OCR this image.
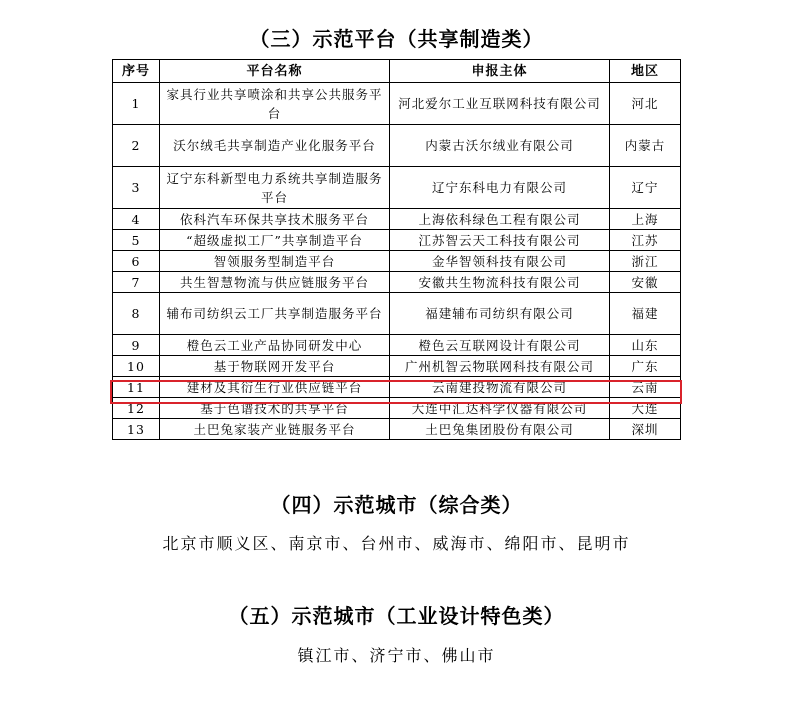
（三）示范平台（共享制造类）
序号	平台名称	申报主体	地区
1	家具行业共享喷涂和共享公共服务平台	河北爱尔工业互联网科技有限公司	河北
2	沃尔绒毛共享制造产业化服务平台	内蒙古沃尔绒业有限公司	内蒙古
3	辽宁东科新型电力系统共享制造服务平台	辽宁东科电力有限公司	辽宁
4	依科汽车环保共享技术服务平台	上海依科绿色工程有限公司	上海
5	“超级虚拟工厂”共享制造平台	江苏智云天工科技有限公司	江苏
6	智领服务型制造平台	金华智领科技有限公司	浙江
7	共生智慧物流与供应链服务平台	安徽共生物流科技有限公司	安徽
8	辅布司纺织云工厂共享制造服务平台	福建辅布司纺织有限公司	福建
9	橙色云工业产品协同研发中心	橙色云互联网设计有限公司	山东
10	基于物联网开发平台	广州机智云物联网科技有限公司	广东
11	建材及其衍生行业供应链平台	云南建投物流有限公司	云南
12	基于色谱技术的共享平台	大连中汇达科学仪器有限公司	大连
13	土巴兔家装产业链服务平台	土巴兔集团股份有限公司	深圳
（四）示范城市（综合类）
北京市顺义区、南京市、台州市、威海市、绵阳市、昆明市
（五）示范城市（工业设计特色类）
镇江市、济宁市、佛山市
